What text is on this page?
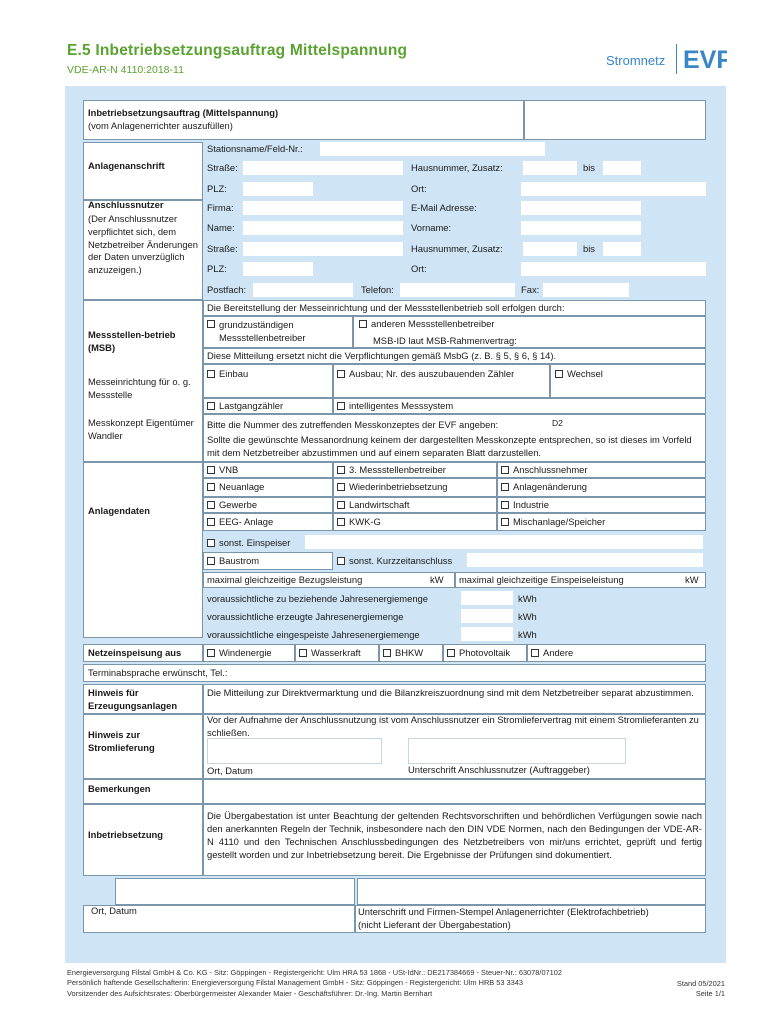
E.5 Inbetriebsetzungsauftrag Mittelspannung
VDE-AR-N 4110:2018-11
Stromnetz EVF
Inbetriebsetzungsauftrag (Mittelspannung)
(vom Anlagenerrichter auszufüllen)
Anlagenanschrift
Stationsname/Feld-Nr.:
Straße:	Hausnummer, Zusatz:	bis
PLZ:	Ort:
Anschlussnutzer
(Der Anschlussnutzer verpflichtet sich, dem Netzbetreiber Änderungen der Daten unverzüglich anzuzeigen.)
Firma:	E-Mail Adresse:
Name:	Vorname:
Straße:	Hausnummer, Zusatz:	bis
PLZ:	Ort:
Postfach:	Telefon:	Fax:
Messstellen-betrieb (MSB)
Die Bereitstellung der Messeinrichtung und der Messstellenbetrieb soll erfolgen durch:
grundzuständigen Messstellenbetreiber
anderen Messstellenbetreiber
MSB-ID laut MSB-Rahmenvertrag:
Diese Mitteilung ersetzt nicht die Verpflichtungen gemäß MsbG (z. B. § 5, § 6, § 14).
Messeinrichtung für o. g. Messstelle
Einbau	Ausbau; Nr. des auszubauenden Zähler	Wechsel
Lastgangzähler	intelligentes Messsystem
Messkonzept Eigentümer Wandler
Bitte die Nummer des zutreffenden Messkonzeptes der EVF angeben:	D2
Sollte die gewünschte Messanordnung keinem der dargestellten Messkonzepte entsprechen, so ist dieses im Vorfeld mit dem Netzbetreiber abzustimmen und auf einem separaten Blatt darzustellen.
VNB	3. Messstellenbetreiber	Anschlussnehmer
Anlagendaten
Neuanlage	Wiederinbetriebsetzung	Anlagenänderung
Gewerbe	Landwirtschaft	Industrie
EEG- Anlage	KWK-G	Mischanlage/Speicher
sonst. Einspeiser
Baustrom	sonst. Kurzzeitanschluss
maximal gleichzeitige Bezugsleistung	kW maximal gleichzeitige Einspeiseleistung	kW
voraussichtliche zu beziehende Jahresenergiemenge	kWh
voraussichtliche erzeugte Jahresenergiemenge	kWh
voraussichtliche eingespeiste Jahresenergiemenge	kWh
Netzeinspeisung aus	Windenergie	Wasserkraft	BHKW	Photovoltaik	Andere
Terminabsprache erwünscht, Tel.:
Hinweis für Erzeugungsanlagen
Die Mitteilung zur Direktvermarktung und die Bilanzkreiszuordnung sind mit dem Netzbetreiber separat abzustimmen.
Hinweis zur Stromlieferung
Vor der Aufnahme der Anschlussnutzung ist vom Anschlussnutzer ein Stromliefervertrag mit einem Stromlieferanten zu schließen.
Ort, Datum	Unterschrift Anschlussnutzer (Auftraggeber)
Bemerkungen
Inbetriebsetzung
Die Übergabestation ist unter Beachtung der geltenden Rechtsvorschriften und behördlichen Verfügungen sowie nach den anerkannten Regeln der Technik, insbesondere nach den DIN VDE Normen, nach den Bedingungen der VDE-AR-N 4110 und den Technischen Anschlussbedingungen des Netzbetreibers von mir/uns errichtet, geprüft und fertig gestellt worden und zur Inbetriebsetzung bereit. Die Ergebnisse der Prüfungen sind dokumentiert.
Ort, Datum	Unterschrift und Firmen-Stempel Anlagenerrichter (Elektrofachbetrieb) (nicht Lieferant der Übergabestation)
Energieversorgung Filstal GmbH & Co. KG - Sitz: Göppingen - Registergericht: Ulm HRA 53 1868 - USt-IdNr.: DE217384669 - Steuer-Nr.: 63078/07102
Persönlich haftende Gesellschafterin: Energieversorgung Filstal Management GmbH - Sitz: Göppingen - Registergericht: Ulm HRB 53 3343
Vorsitzender des Aufsichtsrates: Oberbürgermeister Alexander Maier - Geschäftsführer: Dr.-Ing. Martin Bernhart
Stand 05/2021
Seite 1/1
